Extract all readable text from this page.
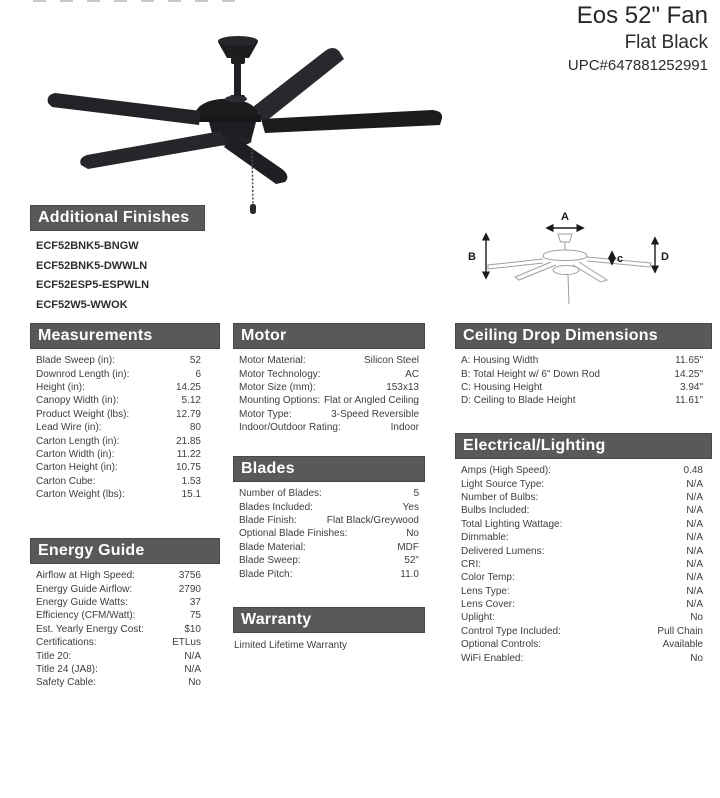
Eos 52" Fan
Flat Black
UPC#647881252991
A
B	c	D
Additional Finishes
ECF52BNK5-BNGW
ECF52BNK5-DWWLN
ECF52ESP5-ESPWLN
ECF52W5-WWOK
Measurements
Blade Sweep (in):	52
Downrod Length (in):	6
Height (in):	14.25
Canopy Width (in):	5.12
Product Weight (lbs):	12.79
Lead Wire (in):	80
Carton Length (in):	21.85
Carton Width (in):	11.22
Carton Height (in):	10.75
Carton Cube:	1.53
Carton Weight (lbs):	15.1
Energy Guide
Airflow at High Speed:	3756
Energy Guide Airflow:	2790
Energy Guide Watts:	37
Efficiency (CFM/Watt):	75
Est. Yearly Energy Cost:	$10
Certifications:	ETLus
Title 20:	N/A
Title 24 (JA8):	N/A
Safety Cable:	No
Motor
Motor Material:	Silicon Steel
Motor Technology:	AC
Motor Size (mm):	153x13
Mounting Options: Flat or Angled Ceiling
Motor Type:	3-Speed Reversible
Indoor/Outdoor Rating:	Indoor
Blades
Number of Blades:	5
Blades Included:	Yes
Blade Finish:	Flat Black/Greywood
Optional Blade Finishes:	No
Blade Material:	MDF
Blade Sweep:	52"
Blade Pitch:	11.0
Warranty
Limited Lifetime Warranty
Ceiling Drop Dimensions
A: Housing Width	11.65"
B: Total Height w/ 6" Down Rod	14.25"
C: Housing Height	3.94"
D: Ceiling to Blade Height	11.61"
Electrical/Lighting
Amps (High Speed):	0.48
Light Source Type:	N/A
Number of Bulbs:	N/A
Bulbs Included:	N/A
Total Lighting Wattage:	N/A
Dimmable:	N/A
Delivered Lumens:	N/A
CRI:	N/A
Color Temp:	N/A
Lens Type:	N/A
Lens Cover:	N/A
Uplight:	No
Control Type Included:	Pull Chain
Optional Controls:	Available
WiFi Enabled:	No
